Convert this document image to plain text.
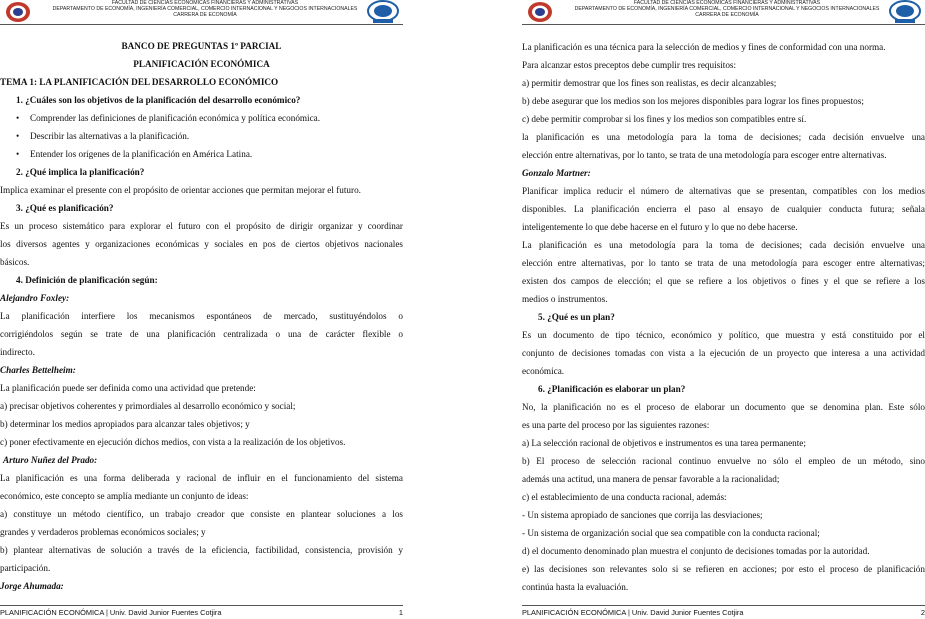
FACULTAD DE CIENCIAS ECONÓMICAS FINANCIERAS Y ADMINISTRATIVAS
DEPARTAMENTO DE ECONOMÍA, INGENIERÍA COMERCIAL, COMERCIO INTERNACIONAL Y NEGOCIOS INTERNACIONALES
CARRERA DE ECONOMÍA
BANCO DE PREGUNTAS 1º PARCIAL
PLANIFICACIÓN ECONÓMICA
TEMA 1: LA PLANIFICACIÓN DEL DESARROLLO ECONÓMICO
1. ¿Cuáles son los objetivos de la planificación del desarrollo económico?
• Comprender las definiciones de planificación económica y política económica.
• Describir las alternativas a la planificación.
• Entender los orígenes de la planificación en América Latina.
2. ¿Qué implica la planificación?
Implica examinar el presente con el propósito de orientar acciones que permitan mejorar el futuro.
3. ¿Qué es planificación?
Es un proceso sistemático para explorar el futuro con el propósito de dirigir organizar y coordinar
los diversos agentes y organizaciones económicas y sociales en pos de ciertos objetivos nacionales
básicos.
4. Definición de planificación según:
Alejandro Foxley:
La planificación interfiere los mecanismos espontáneos de mercado, sustituyéndolos o
corrigiéndolos según se trate de una planificación centralizada o una de carácter flexible o
indirecto.
Charles Bettelheim:
La planificación puede ser definida como una actividad que pretende:
a) precisar objetivos coherentes y primordiales al desarrollo económico y social;
b) determinar los medios apropiados para alcanzar tales objetivos; y
c) poner efectivamente en ejecución dichos medios, con vista a la realización de los objetivos.
Arturo Nuñez del Prado:
La planificación es una forma deliberada y racional de influir en el funcionamiento del sistema
económico, este concepto se amplía mediante un conjunto de ideas:
a) constituye un método científico, un trabajo creador que consiste en plantear soluciones a los
grandes y verdaderos problemas económicos sociales; y
b) plantear alternativas de solución a través de la eficiencia, factibilidad, consistencia, provisión y
participación.
Jorge Ahumada:
PLANIFICACIÓN ECONÓMICA | Univ. David Junior Fuentes Cotjira	1
FACULTAD DE CIENCIAS ECONÓMICAS FINANCIERAS Y ADMINISTRATIVAS
DEPARTAMENTO DE ECONOMÍA, INGENIERÍA COMERCIAL, COMERCIO INTERNACIONAL Y NEGOCIOS INTERNACIONALES
CARRERA DE ECONOMÍA
La planificación es una técnica para la selección de medios y fines de conformidad con una norma.
Para alcanzar estos preceptos debe cumplir tres requisitos:
a) permitir demostrar que los fines son realistas, es decir alcanzables;
b) debe asegurar que los medios son los mejores disponibles para lograr los fines propuestos;
c) debe permitir comprobar si los fines y los medios son compatibles entre sí.
la planificación es una metodología para la toma de decisiones; cada decisión envuelve una
elección entre alternativas, por lo tanto, se trata de una metodología para escoger entre alternativas.
Gonzalo Martner:
Planificar implica reducir el número de alternativas que se presentan, compatibles con los medios
disponibles. La planificación encierra el paso al ensayo de cualquier conducta futura; señala
inteligentemente lo que debe hacerse en el futuro y lo que no debe hacerse.
La planificación es una metodología para la toma de decisiones; cada decisión envuelve una
elección entre alternativas, por lo tanto se trata de una metodología para escoger entre alternativas;
existen dos campos de elección; el que se refiere a los objetivos o fines y el que se refiere a los
medios o instrumentos.
5. ¿Qué es un plan?
Es un documento de tipo técnico, económico y político, que muestra y está constituido por el
conjunto de decisiones tomadas con vista a la ejecución de un proyecto que interesa a una actividad
económica.
6. ¿Planificación es elaborar un plan?
No, la planificación no es el proceso de elaborar un documento que se denomina plan. Este sólo
es una parte del proceso por las siguientes razones:
a) La selección racional de objetivos e instrumentos es una tarea permanente;
b) El proceso de selección racional continuo envuelve no sólo el empleo de un método, sino
además una actitud, una manera de pensar favorable a la racionalidad;
c) el establecimiento de una conducta racional, además:
- Un sistema apropiado de sanciones que corrija las desviaciones;
- Un sistema de organización social que sea compatible con la conducta racional;
d) el documento denominado plan muestra el conjunto de decisiones tomadas por la autoridad.
e) las decisiones son relevantes solo si se refieren en acciones; por esto el proceso de planificación
continúa hasta la evaluación.
PLANIFICACIÓN ECONÓMICA | Univ. David Junior Fuentes Cotjira	2
